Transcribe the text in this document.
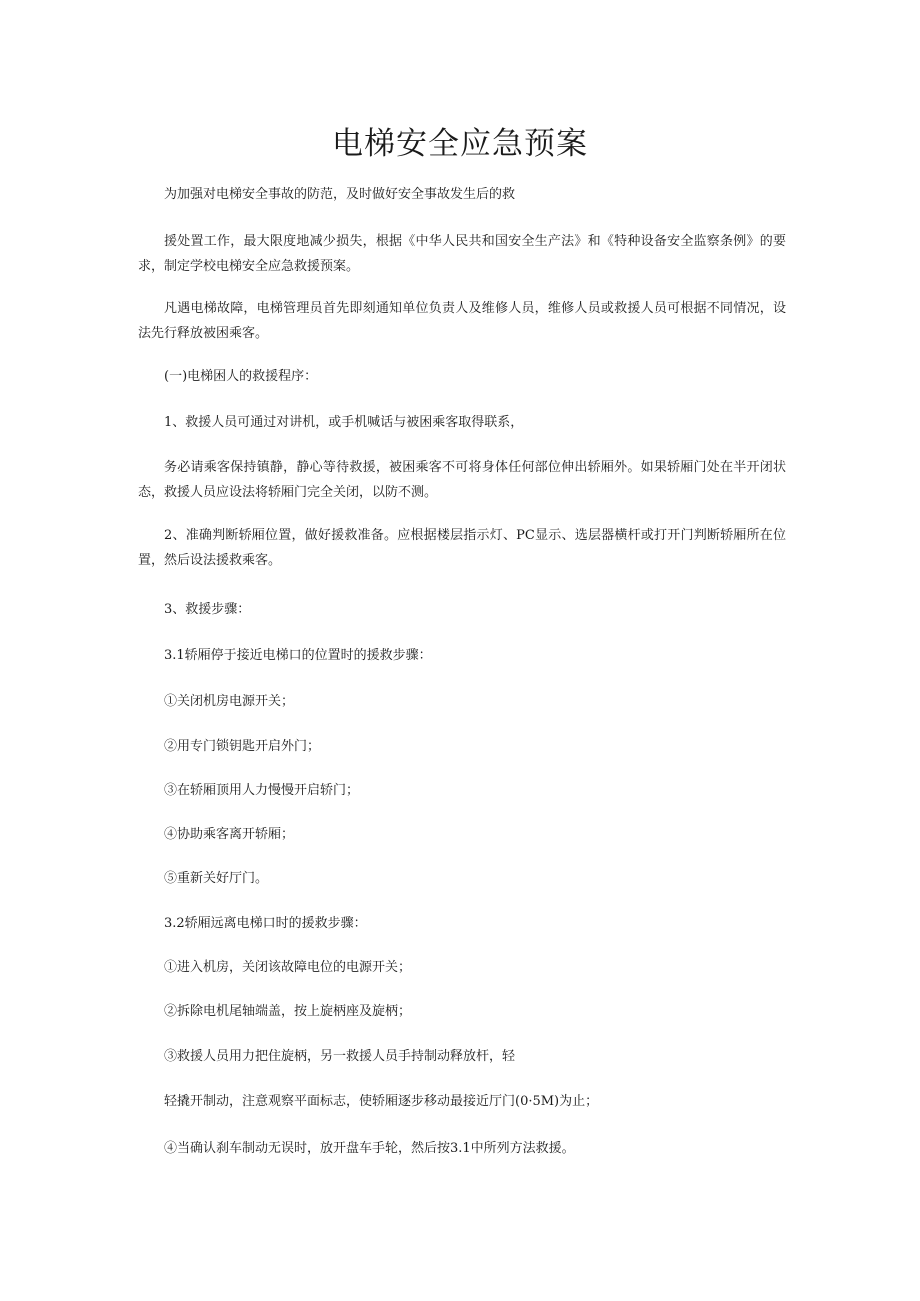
电梯安全应急预案

为加强对电梯安全事故的防范，及时做好安全事故发生后的救

援处置工作，最大限度地减少损失，根据《中华人民共和国安全生产法》和《特种设备安全监察条例》的要求，制定学校电梯安全应急救援预案。

凡遇电梯故障，电梯管理员首先即刻通知单位负责人及维修人员，维修人员或救援人员可根据不同情况，设法先行释放被困乘客。

(一)电梯困人的救援程序：

1、救援人员可通过对讲机，或手机喊话与被困乘客取得联系，

务必请乘客保持镇静，静心等待救援，被困乘客不可将身体任何部位伸出轿厢外。如果轿厢门处在半开闭状态，救援人员应设法将轿厢门完全关闭，以防不测。

2、准确判断轿厢位置，做好援救准备。应根据楼层指示灯、PC显示、选层器横杆或打开门判断轿厢所在位置，然后设法援救乘客。

3、救援步骤：

3.1轿厢停于接近电梯口的位置时的援救步骤：

①关闭机房电源开关；

②用专门锁钥匙开启外门；

③在轿厢顶用人力慢慢开启轿门；

④协助乘客离开轿厢；

⑤重新关好厅门。

3.2轿厢远离电梯口时的援救步骤：

①进入机房，关闭该故障电位的电源开关；

②拆除电机尾轴端盖，按上旋柄座及旋柄；

③救援人员用力把住旋柄，另一救援人员手持制动释放杆，轻

轻撬开制动，注意观察平面标志，使轿厢逐步移动最接近厅门(0·5M)为止；

④当确认刹车制动无误时，放开盘车手轮，然后按3.1中所列方法救援。
